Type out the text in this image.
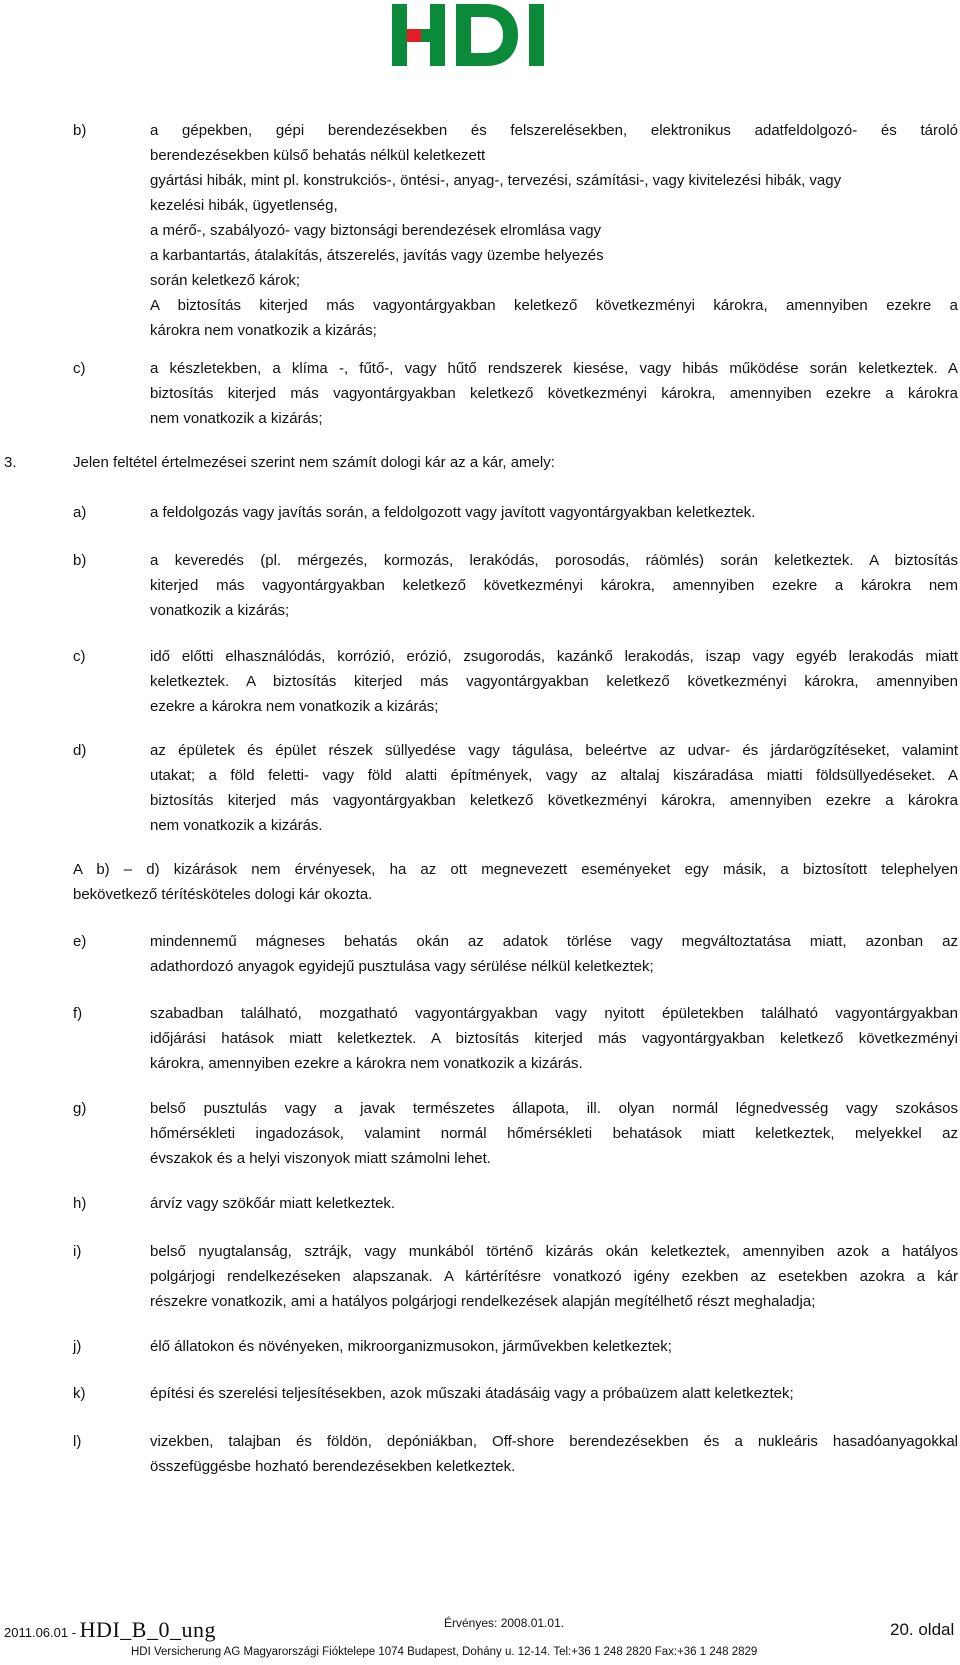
b)	a gépekben, gépi berendezésekben és felszerelésekben, elektronikus adatfeldolgozó- és tároló
berendezésekben külső behatás nélkül keletkezett
gyártási hibák, mint pl. konstrukciós-, öntési-, anyag-, tervezési, számítási-, vagy kivitelezési hibák, vagy
kezelési hibák, ügyetlenség,
a mérő-, szabályozó- vagy biztonsági berendezések elromlása vagy
a karbantartás, átalakítás, átszerelés, javítás vagy üzembe helyezés
során keletkező károk;
A biztosítás kiterjed más vagyontárgyakban keletkező következményi károkra, amennyiben ezekre a
károkra nem vonatkozik a kizárás;
c)	a készletekben, a klíma -, fűtő-, vagy hűtő rendszerek kiesése, vagy hibás működése során keletkeztek. A
biztosítás kiterjed más vagyontárgyakban keletkező következményi károkra, amennyiben ezekre a károkra
nem vonatkozik a kizárás;
3.	Jelen feltétel értelmezései szerint nem számít dologi kár az a kár, amely:
a)	a feldolgozás vagy javítás során, a feldolgozott vagy javított vagyontárgyakban keletkeztek.
b)	a keveredés (pl. mérgezés, kormozás, lerakódás, porosodás, ráömlés) során keletkeztek. A biztosítás
kiterjed más vagyontárgyakban keletkező következményi károkra, amennyiben ezekre a károkra nem
vonatkozik a kizárás;
c)	idő előtti elhasználódás, korrózió, erózió, zsugorodás, kazánkő lerakodás, iszap vagy egyéb lerakodás miatt
keletkeztek. A biztosítás kiterjed más vagyontárgyakban keletkező következményi károkra, amennyiben
ezekre a károkra nem vonatkozik a kizárás;
d)	az épületek és épület részek süllyedése vagy tágulása, beleértve az udvar- és járdarögzítéseket, valamint
utakat; a föld feletti- vagy föld alatti építmények, vagy az altalaj kiszáradása miatti földsüllyedéseket. A
biztosítás kiterjed más vagyontárgyakban keletkező következményi károkra, amennyiben ezekre a károkra
nem vonatkozik a kizárás.
A b) – d) kizárások nem érvényesek, ha az ott megnevezett eseményeket egy másik, a biztosított telephelyen
bekövetkező térítésköteles dologi kár okozta.
e)	mindennemű mágneses behatás okán az adatok törlése vagy megváltoztatása miatt, azonban az
adathordozó anyagok egyidejű pusztulása vagy sérülése nélkül keletkeztek;
f)	szabadban található, mozgatható vagyontárgyakban vagy nyitott épületekben található vagyontárgyakban
időjárási hatások miatt keletkeztek. A biztosítás kiterjed más vagyontárgyakban keletkező következményi
károkra, amennyiben ezekre a károkra nem vonatkozik a kizárás.
g)	belső pusztulás vagy a javak természetes állapota, ill. olyan normál légnedvesség vagy szokásos
hőmérsékleti ingadozások, valamint normál hőmérsékleti behatások miatt keletkeztek, melyekkel az
évszakok és a helyi viszonyok miatt számolni lehet.
h)	árvíz vagy szökőár miatt keletkeztek.
i)	belső nyugtalanság, sztrájk, vagy munkából történő kizárás okán keletkeztek, amennyiben azok a hatályos
polgárjogi rendelkezéseken alapszanak. A kártérítésre vonatkozó igény ezekben az esetekben azokra a kár
részekre vonatkozik, ami a hatályos polgárjogi rendelkezések alapján megítélhető részt meghaladja;
j)	élő állatokon és növényeken, mikroorganizmusokon, járművekben keletkeztek;
k)	építési és szerelési teljesítésekben, azok műszaki átadásáig vagy a próbaüzem alatt keletkeztek;
l)	vizekben, talajban és földön, depóniákban, Off-shore berendezésekben és a nukleáris hasadóanyagokkal
összefüggésbe hozható berendezésekben keletkeztek.
2011.06.01 - HDI_B_0_ung	Érvényes: 2008.01.01.	20. oldal
HDI Versicherung AG Magyarországi Fióktelepe 1074 Budapest, Dohány u. 12-14. Tel:+36 1 248 2820 Fax:+36 1 248 2829
